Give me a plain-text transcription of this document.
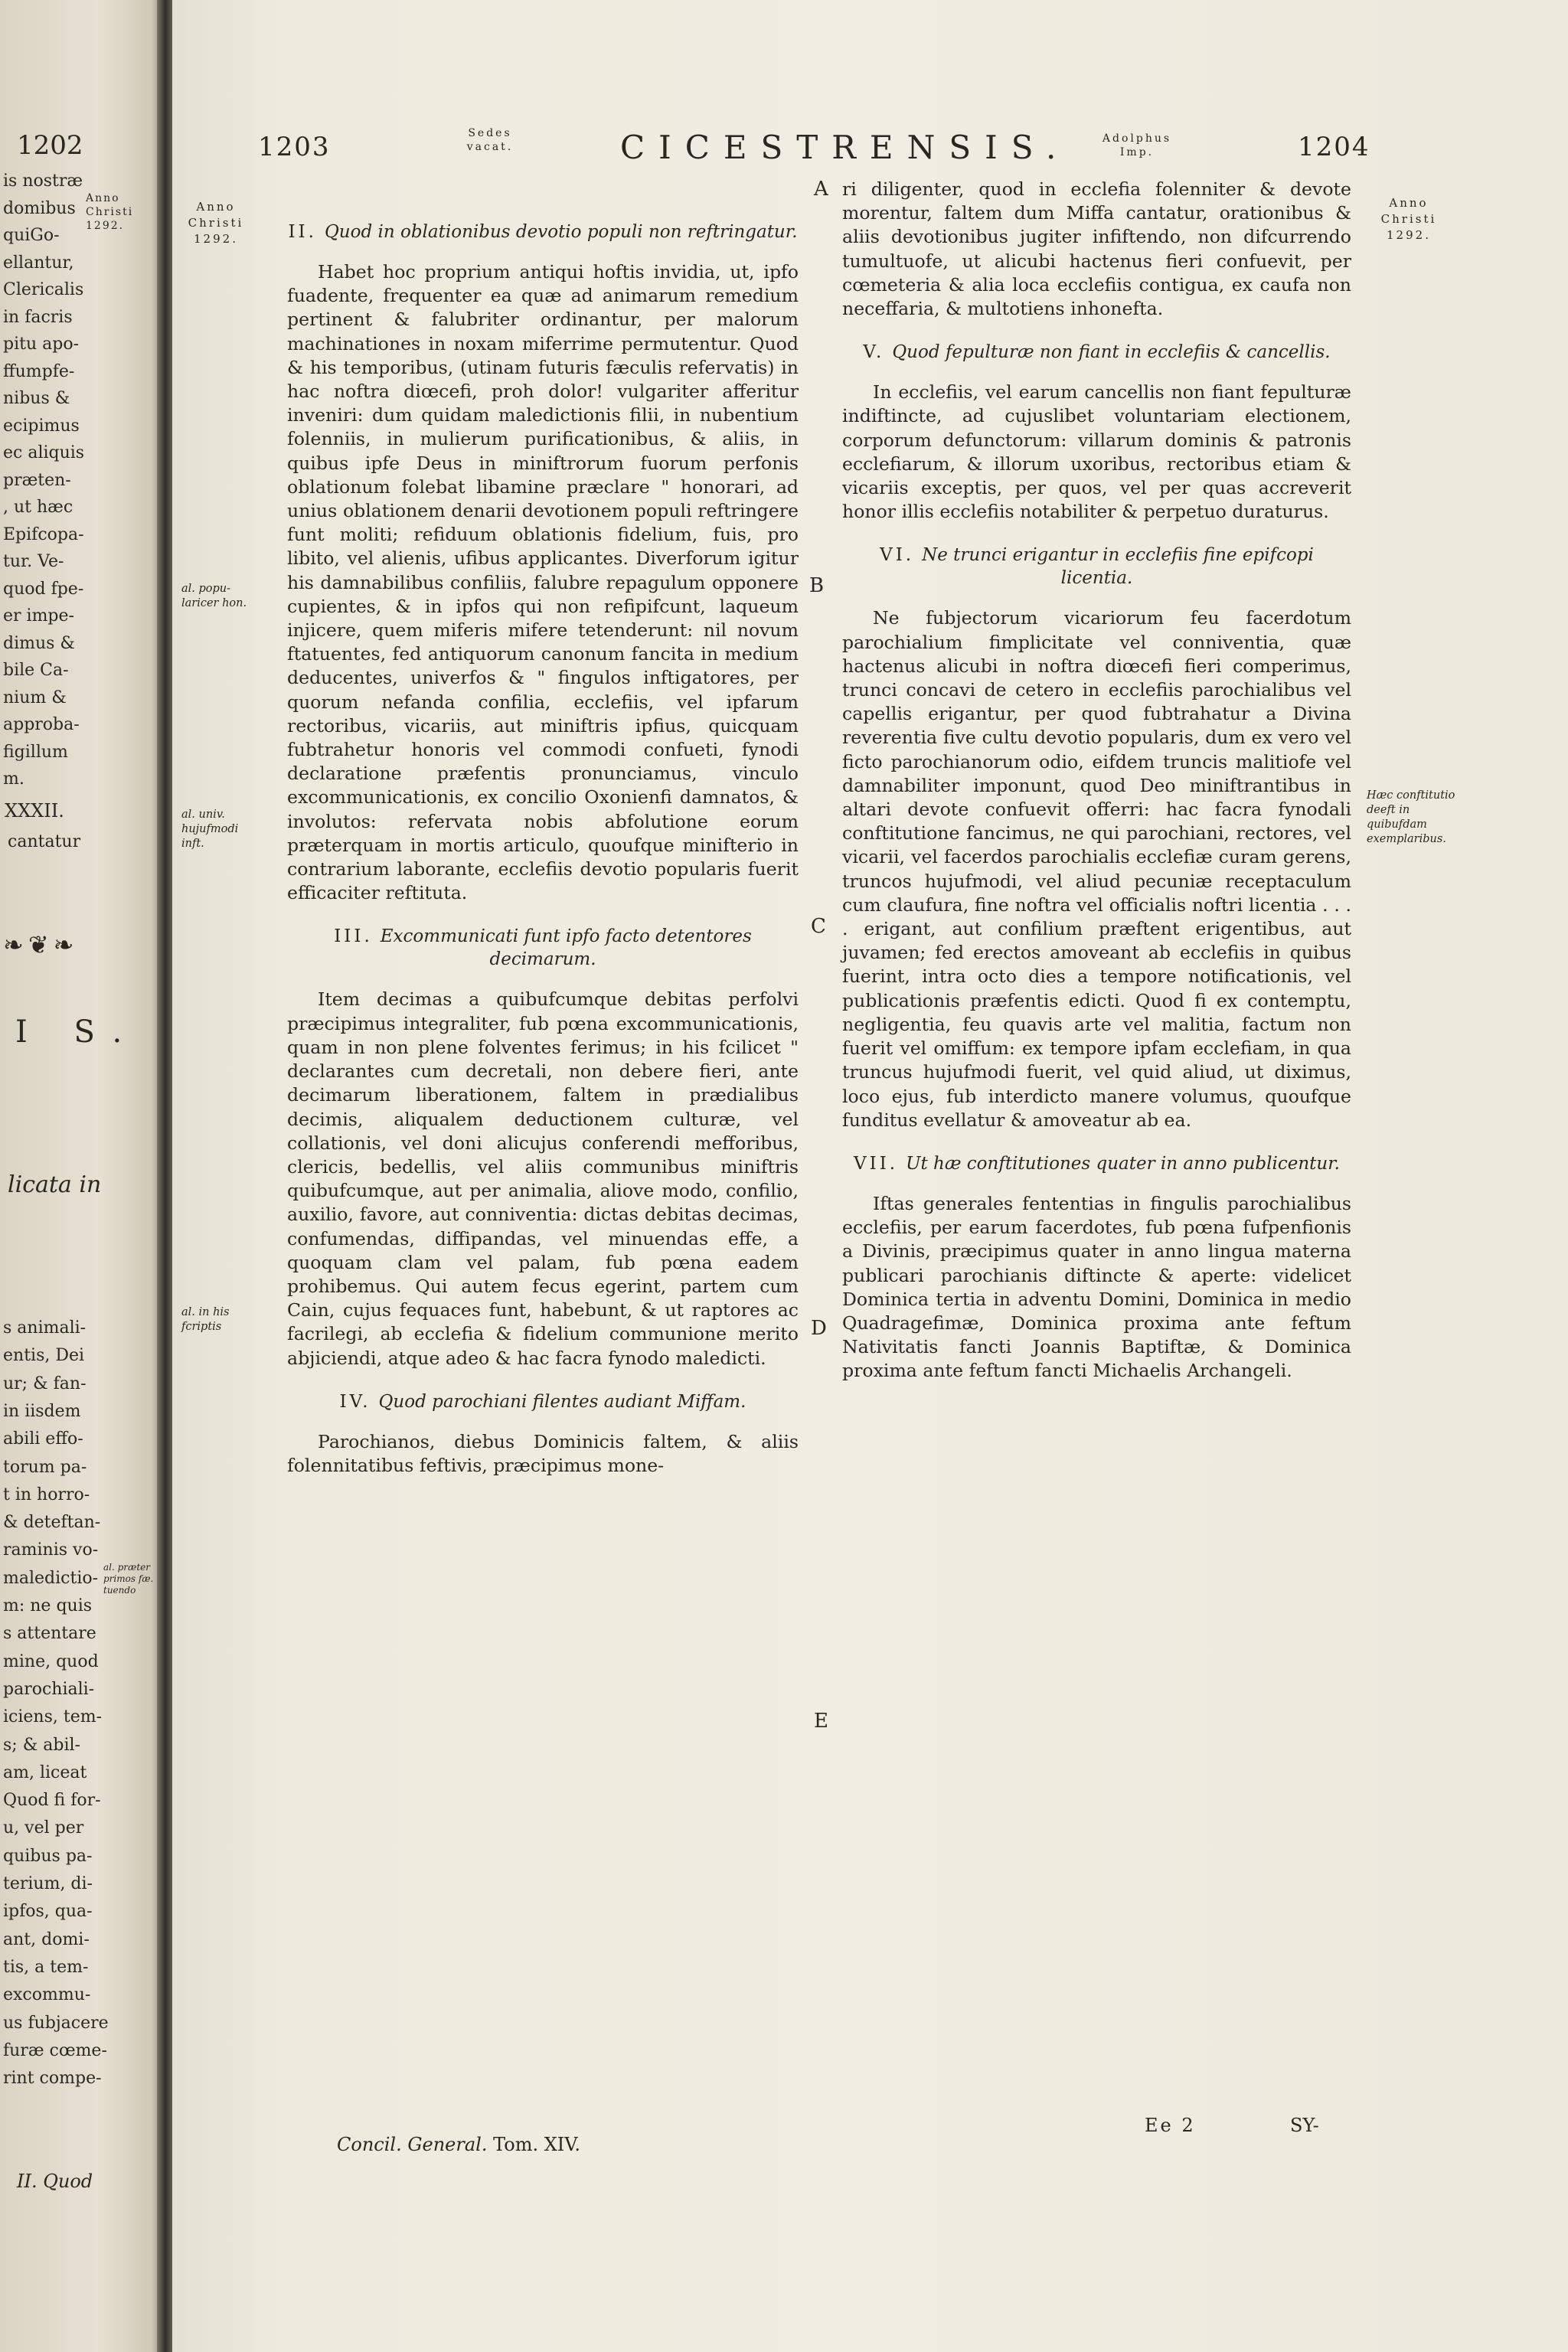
1202
Anno
Christi
1292.
is nostræ
domibus
quiGo-
ellantur,
Clericalis
in facris
pitu apo-
ffumpfe-
nibus &
ecipimus
ec aliquis
præten-
, ut hæc
Epifcopa-
tur. Ve-
quod fpe-
er impe-
dimus &
bile Ca-
nium &
approba-
figillum
m.
XXXII.
cantatur
❧❦❧
I S.
licata in
s animali-
entis, Dei
ur; & fan-
in iisdem
abili effo-
torum pa-
t in horro-
& deteftan-
raminis vo-
maledictio-
m: ne quis
s attentare
mine, quod
parochiali-
iciens, tem-
s; & abil-
am, liceat
Quod fi for-
u, vel per
quibus pa-
terium, di-
ipfos, qua-
ant, domi-
tis, a tem-
excommu-
us fubjacere
furæ cœme-
rint compe-
al. præter primos fæ. tuendo
II. Quod
1203	Sedes vacat.	CICESTRENSIS.	Adolphus Imp.	1204
Anno
Christi
1292.
Anno
Christi
1292.
al. popu- laricer hon.
al. univ. hujufmodi inft.
al. in his fcriptis
Hæc conftitutio deeft in quibufdam exemplaribus.
A
B
C
D
E

II. Quod in oblationibus devotio populi non reftringatur.

Habet hoc proprium antiqui hoftis invidia, ut, ipfo fuadente, frequenter ea quæ ad animarum remedium pertinent & falubriter ordinantur, per malorum machinationes in noxam miferrime permutentur. Quod & his temporibus, (utinam futuris fæculis refervatis) in hac noftra diœcefi, proh dolor! vulgariter afferitur inveniri: dum quidam maledictionis filii, in nubentium folenniis, in mulierum purificationibus, & aliis, in quibus ipfe Deus in miniftrorum fuorum perfonis oblationum folebat libamine præclare " honorari, ad unius oblationem denarii devotionem populi reftringere funt moliti; refiduum oblationis fidelium, fuis, pro libito, vel alienis, ufibus applicantes. Diverforum igitur his damnabilibus confiliis, falubre repagulum opponere cupientes, & in ipfos qui non refipifcunt, laqueum injicere, quem miferis mifere tetenderunt: nil novum ftatuentes, fed antiquorum canonum fancita in medium deducentes, univerfos & " fingulos inftigatores, per quorum nefanda confilia, ecclefiis, vel ipfarum rectoribus, vicariis, aut miniftris ipfius, quicquam fubtrahetur honoris vel commodi confueti, fynodi declaratione præfentis pronunciamus, vinculo excommunicationis, ex concilio Oxonienfi damnatos, & involutos: refervata nobis abfolutione eorum præterquam in mortis articulo, quoufque minifterio in contrarium laborante, ecclefiis devotio popularis fuerit efficaciter reftituta.

III. Excommunicati funt ipfo facto detentores decimarum.

Item decimas a quibufcumque debitas perfolvi præcipimus integraliter, fub pœna excommunicationis, quam in non plene folventes ferimus; in his fcilicet " declarantes cum decretali, non debere fieri, ante decimarum liberationem, faltem in prædialibus decimis, aliqualem deductionem culturæ, vel collationis, vel doni alicujus conferendi mefforibus, clericis, bedellis, vel aliis communibus miniftris quibufcumque, aut per animalia, aliove modo, confilio, auxilio, favore, aut conniventia: dictas debitas decimas, confumendas, diffipandas, vel minuendas effe, a quoquam clam vel palam, fub pœna eadem prohibemus. Qui autem fecus egerint, partem cum Cain, cujus fequaces funt, habebunt, & ut raptores ac facrilegi, ab ecclefia & fidelium communione merito abjiciendi, atque adeo & hac facra fynodo maledicti.

IV. Quod parochiani filentes audiant Miffam.

Parochianos, diebus Dominicis faltem, & aliis folennitatibus feftivis, præcipimus mone-

ri diligenter, quod in ecclefia folenniter & devote morentur, faltem dum Miffa cantatur, orationibus & aliis devotionibus jugiter infiftendo, non difcurrendo tumultuofe, ut alicubi hactenus fieri confuevit, per cœmeteria & alia loca ecclefiis contigua, ex caufa non neceffaria, & multotiens inhonefta.

V. Quod fepulturæ non fiant in ecclefiis & cancellis.

In ecclefiis, vel earum cancellis non fiant fepulturæ indiftincte, ad cujuslibet voluntariam electionem, corporum defunctorum: villarum dominis & patronis ecclefiarum, & illorum uxoribus, rectoribus etiam & vicariis exceptis, per quos, vel per quas accreverit honor illis ecclefiis notabiliter & perpetuo duraturus.

VI. Ne trunci erigantur in ecclefiis fine epifcopi licentia.

Ne fubjectorum vicariorum feu facerdotum parochialium fimplicitate vel conniventia, quæ hactenus alicubi in noftra diœcefi fieri comperimus, trunci concavi de cetero in ecclefiis parochialibus vel capellis erigantur, per quod fubtrahatur a Divina reverentia five cultu devotio popularis, dum ex vero vel ficto parochianorum odio, eifdem truncis malitiofe vel damnabiliter imponunt, quod Deo miniftrantibus in altari devote confuevit offerri: hac facra fynodali conftitutione fancimus, ne qui parochiani, rectores, vel vicarii, vel facerdos parochialis ecclefiæ curam gerens, truncos hujufmodi, vel aliud pecuniæ receptaculum cum claufura, fine noftra vel officialis noftri licentia . . . . erigant, aut confilium præftent erigentibus, aut juvamen; fed erectos amoveant ab ecclefiis in quibus fuerint, intra octo dies a tempore notificationis, vel publicationis præfentis edicti. Quod fi ex contemptu, negligentia, feu quavis arte vel malitia, factum non fuerit vel omiffum: ex tempore ipfam ecclefiam, in qua truncus hujufmodi fuerit, vel quid aliud, ut diximus, loco ejus, fub interdicto manere volumus, quoufque funditus evellatur & amoveatur ab ea.

VII. Ut hæ conftitutiones quater in anno publicentur.

Iftas generales fententias in fingulis parochialibus ecclefiis, per earum facerdotes, fub pœna fufpenfionis a Divinis, præcipimus quater in anno lingua materna publicari parochianis diftincte & aperte: videlicet Dominica tertia in adventu Domini, Dominica in medio Quadragefimæ, Dominica proxima ante feftum Nativitatis fancti Joannis Baptiftæ, & Dominica proxima ante feftum fancti Michaelis Archangeli.

Concil. General. Tom. XIV.
Ee 2	SY-
